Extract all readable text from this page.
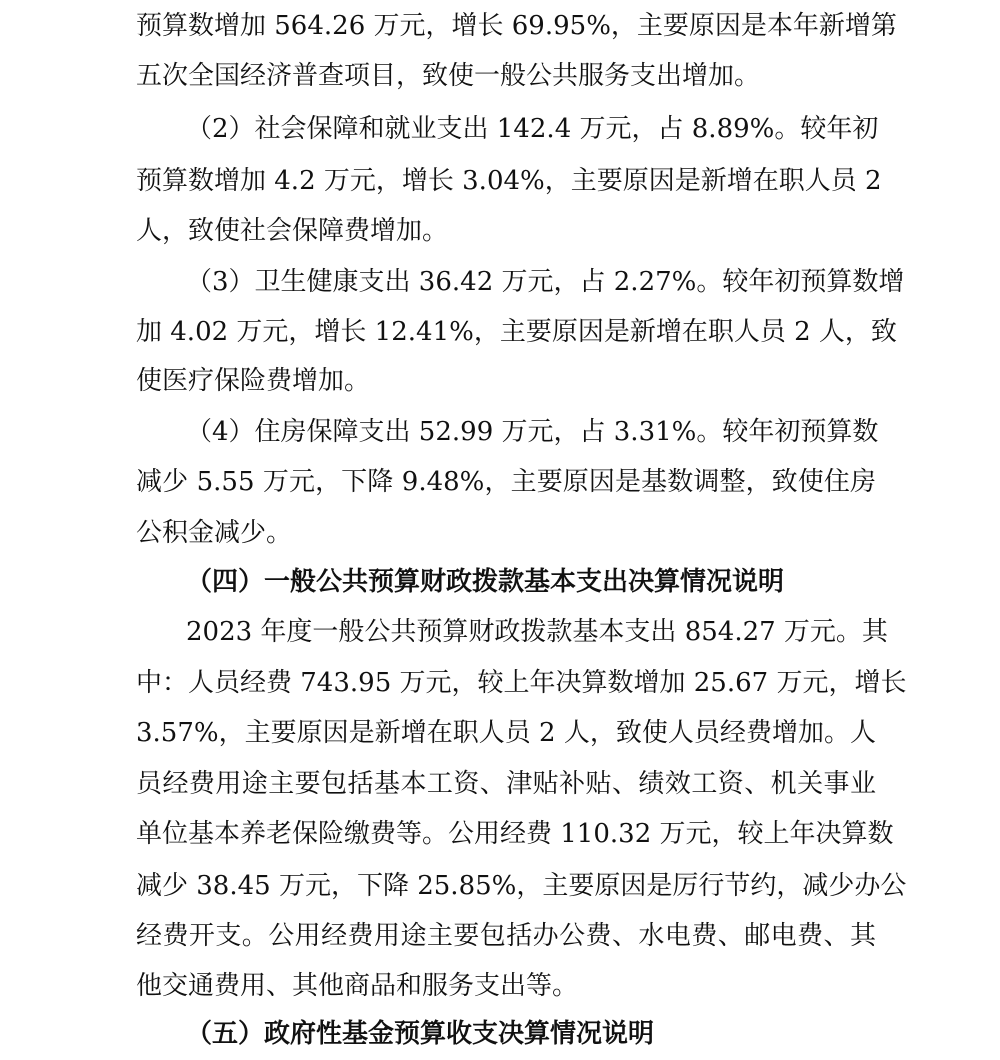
预算数增加 564.26 万元，增长 69.95%，主要原因是本年新增第
五次全国经济普查项目，致使一般公共服务支出增加。
（2）社会保障和就业支出 142.4 万元，占 8.89%。较年初
预算数增加 4.2 万元，增长 3.04%，主要原因是新增在职人员 2
人，致使社会保障费增加。
（3）卫生健康支出 36.42 万元，占 2.27%。较年初预算数增
加 4.02 万元，增长 12.41%，主要原因是新增在职人员 2 人，致
使医疗保险费增加。
（4）住房保障支出 52.99 万元，占 3.31%。较年初预算数
减少 5.55 万元，下降 9.48%，主要原因是基数调整，致使住房
公积金减少。
（四）一般公共预算财政拨款基本支出决算情况说明
2023 年度一般公共预算财政拨款基本支出 854.27 万元。其
中：人员经费 743.95 万元，较上年决算数增加 25.67 万元，增长
3.57%，主要原因是新增在职人员 2 人，致使人员经费增加。人
员经费用途主要包括基本工资、津贴补贴、绩效工资、机关事业
单位基本养老保险缴费等。公用经费 110.32 万元，较上年决算数
减少 38.45 万元，下降 25.85%，主要原因是厉行节约，减少办公
经费开支。公用经费用途主要包括办公费、水电费、邮电费、其
他交通费用、其他商品和服务支出等。
（五）政府性基金预算收支决算情况说明
